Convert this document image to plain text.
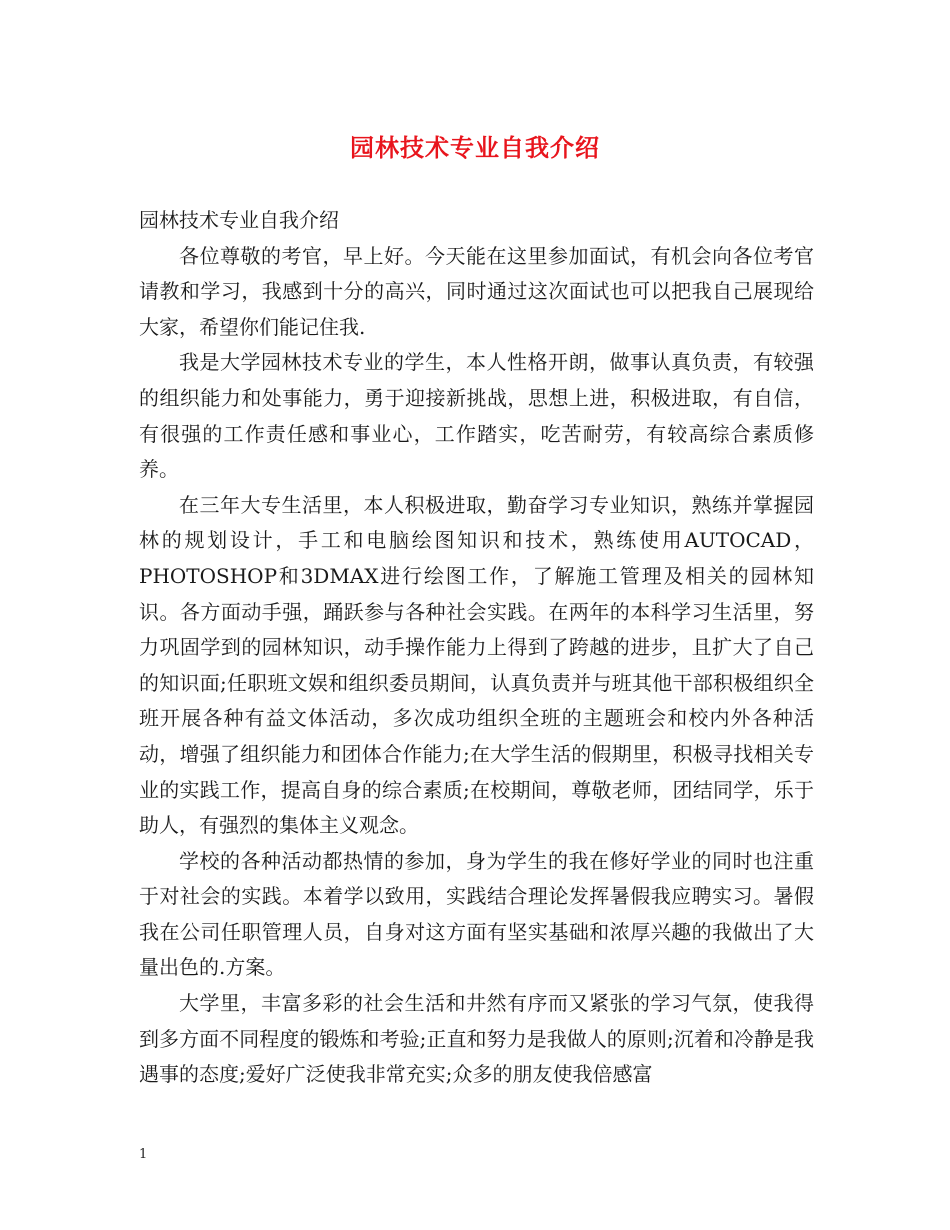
园林技术专业自我介绍

园林技术专业自我介绍

各位尊敬的考官，早上好。今天能在这里参加面试，有机会向各位考官请教和学习，我感到十分的高兴，同时通过这次面试也可以把我自己展现给大家，希望你们能记住我.

我是大学园林技术专业的学生，本人性格开朗，做事认真负责，有较强的组织能力和处事能力，勇于迎接新挑战，思想上进，积极进取，有自信，有很强的工作责任感和事业心，工作踏实，吃苦耐劳，有较高综合素质修养。

在三年大专生活里，本人积极进取，勤奋学习专业知识，熟练并掌握园林的规划设计，手工和电脑绘图知识和技术，熟练使用AUTOCAD，PHOTOSHOP和3DMAX进行绘图工作，了解施工管理及相关的园林知识。各方面动手强，踊跃参与各种社会实践。在两年的本科学习生活里，努力巩固学到的园林知识，动手操作能力上得到了跨越的进步，且扩大了自己的知识面;任职班文娱和组织委员期间，认真负责并与班其他干部积极组织全班开展各种有益文体活动，多次成功组织全班的主题班会和校内外各种活动，增强了组织能力和团体合作能力;在大学生活的假期里，积极寻找相关专业的实践工作，提高自身的综合素质;在校期间，尊敬老师，团结同学，乐于助人，有强烈的集体主义观念。

学校的各种活动都热情的参加，身为学生的我在修好学业的同时也注重于对社会的实践。本着学以致用，实践结合理论发挥暑假我应聘实习。暑假我在公司任职管理人员，自身对这方面有坚实基础和浓厚兴趣的我做出了大量出色的.方案。

大学里，丰富多彩的社会生活和井然有序而又紧张的学习气氛，使我得到多方面不同程度的锻炼和考验;正直和努力是我做人的原则;沉着和冷静是我遇事的态度;爱好广泛使我非常充实;众多的朋友使我倍感富

1
